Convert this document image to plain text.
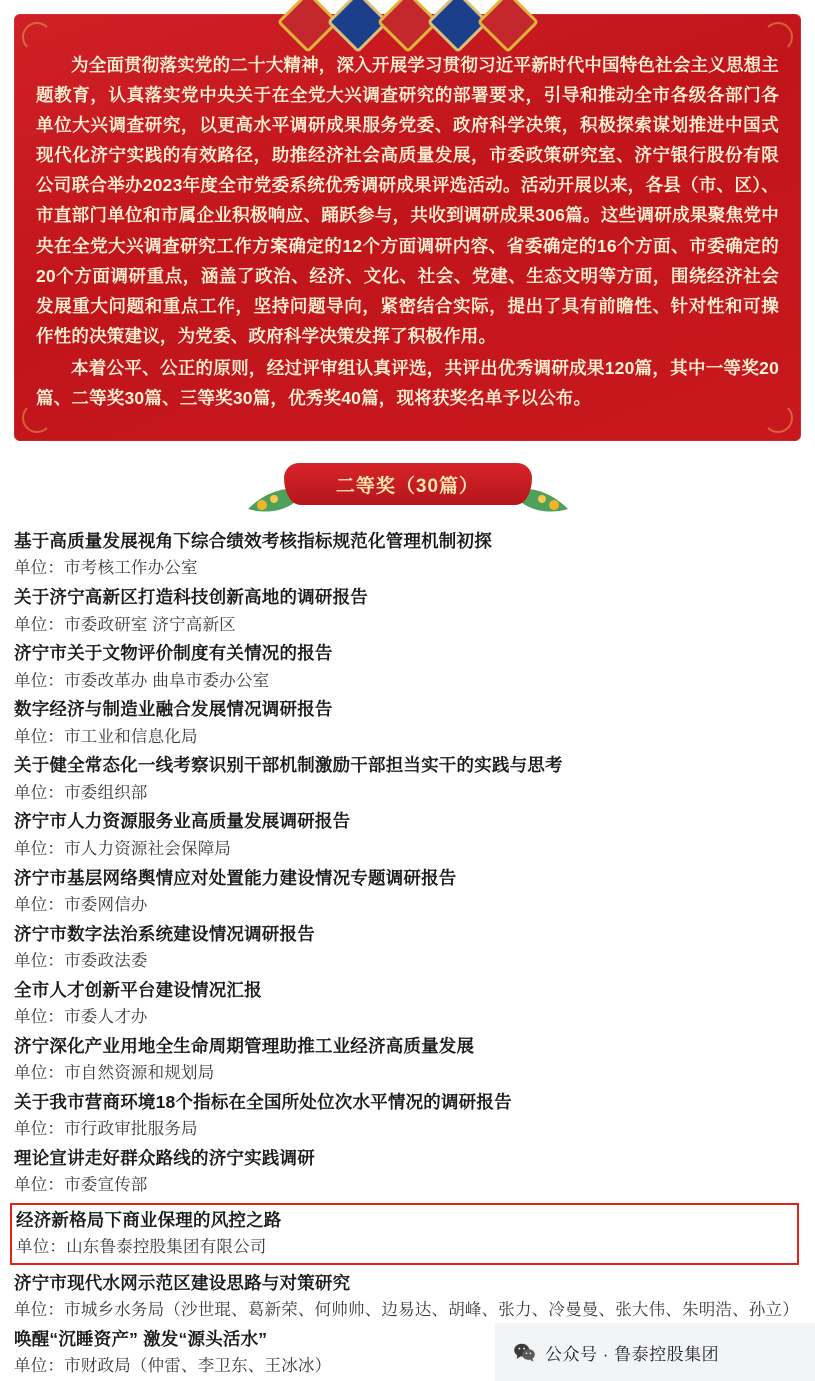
为全面贯彻落实党的二十大精神，深入开展学习贯彻习近平新时代中国特色社会主义思想主题教育，认真落实党中央关于在全党大兴调查研究的部署要求，引导和推动全市各级各部门各单位大兴调查研究，以更高水平调研成果服务党委、政府科学决策，积极探索谋划推进中国式现代化济宁实践的有效路径，助推经济社会高质量发展，市委政策研究室、济宁银行股份有限公司联合举办2023年度全市党委系统优秀调研成果评选活动。活动开展以来，各县（市、区）、市直部门单位和市属企业积极响应、踊跃参与，共收到调研成果306篇。这些调研成果聚焦党中央在全党大兴调查研究工作方案确定的12个方面调研内容、省委确定的16个方面、市委确定的20个方面调研重点，涵盖了政治、经济、文化、社会、党建、生态文明等方面，围绕经济社会发展重大问题和重点工作，坚持问题导向，紧密结合实际，提出了具有前瞻性、针对性和可操作性的决策建议，为党委、政府科学决策发挥了积极作用。

本着公平、公正的原则，经过评审组认真评选，共评出优秀调研成果120篇，其中一等奖20篇、二等奖30篇、三等奖30篇，优秀奖40篇，现将获奖名单予以公布。

二等奖（30篇）
基于高质量发展视角下综合绩效考核指标规范化管理机制初探
单位：市考核工作办公室
关于济宁高新区打造科技创新高地的调研报告
单位：市委政研室 济宁高新区
济宁市关于文物评价制度有关情况的报告
单位：市委改革办 曲阜市委办公室
数字经济与制造业融合发展情况调研报告
单位：市工业和信息化局
关于健全常态化一线考察识别干部机制激励干部担当实干的实践与思考
单位：市委组织部
济宁市人力资源服务业高质量发展调研报告
单位：市人力资源社会保障局
济宁市基层网络舆情应对处置能力建设情况专题调研报告
单位：市委网信办
济宁市数字法治系统建设情况调研报告
单位：市委政法委
全市人才创新平台建设情况汇报
单位：市委人才办
济宁深化产业用地全生命周期管理助推工业经济高质量发展
单位：市自然资源和规划局
关于我市营商环境18个指标在全国所处位次水平情况的调研报告
单位：市行政审批服务局
理论宣讲走好群众路线的济宁实践调研
单位：市委宣传部
经济新格局下商业保理的风控之路
单位：山东鲁泰控股集团有限公司
济宁市现代水网示范区建设思路与对策研究
单位：市城乡水务局（沙世琨、葛新荣、何帅帅、边易达、胡峰、张力、冷曼曼、张大伟、朱明浩、孙立）
唤醒“沉睡资产” 激发“源头活水”
单位：市财政局（仲雷、李卫东、王冰冰）
公众号 · 鲁泰控股集团
